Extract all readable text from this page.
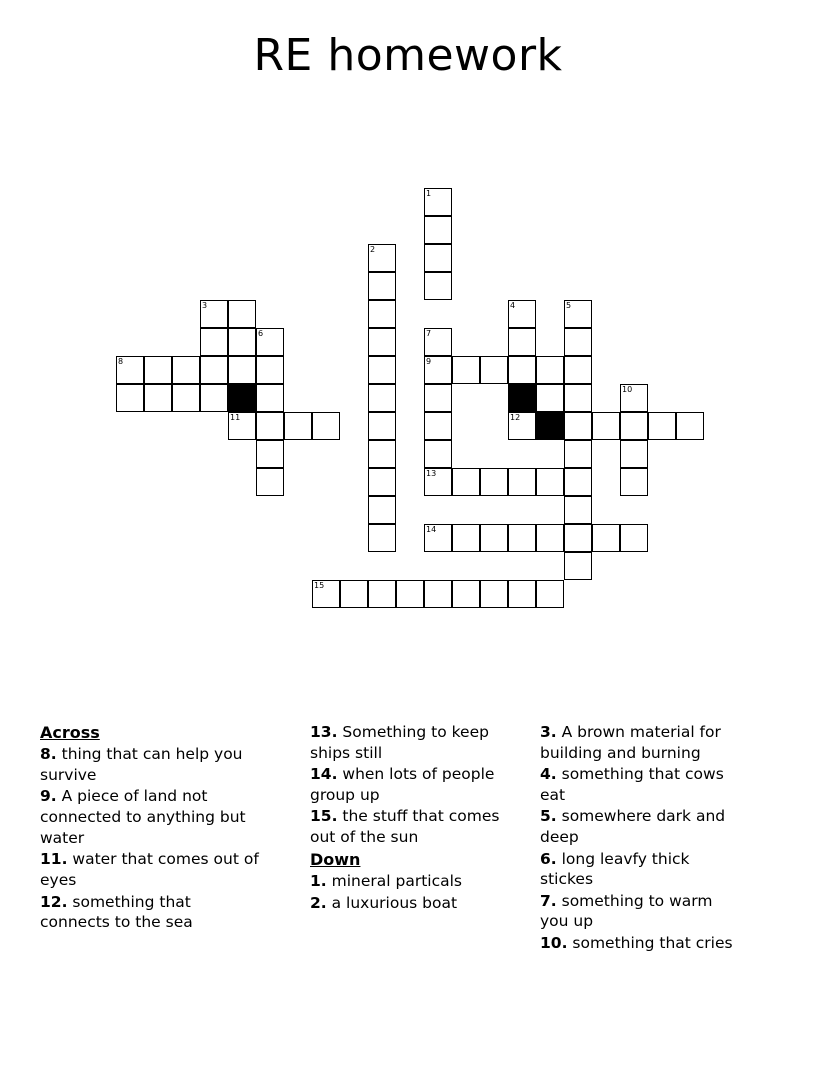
RE homework
1
2
3	4	5
6	7
8	9
10
11	12
13
14
15
Across
8. thing that can help you survive
9. A piece of land not connected to anything but water
11. water that comes out of eyes
12. something that connects to the sea
13. Something to keep ships still
14. when lots of people group up
15. the stuff that comes out of the sun
Down
1. mineral particals
2. a luxurious boat
3. A brown material for building and burning
4. something that cows eat
5. somewhere dark and deep
6. long leavfy thick stickes
7. something to warm you up
10. something that cries
